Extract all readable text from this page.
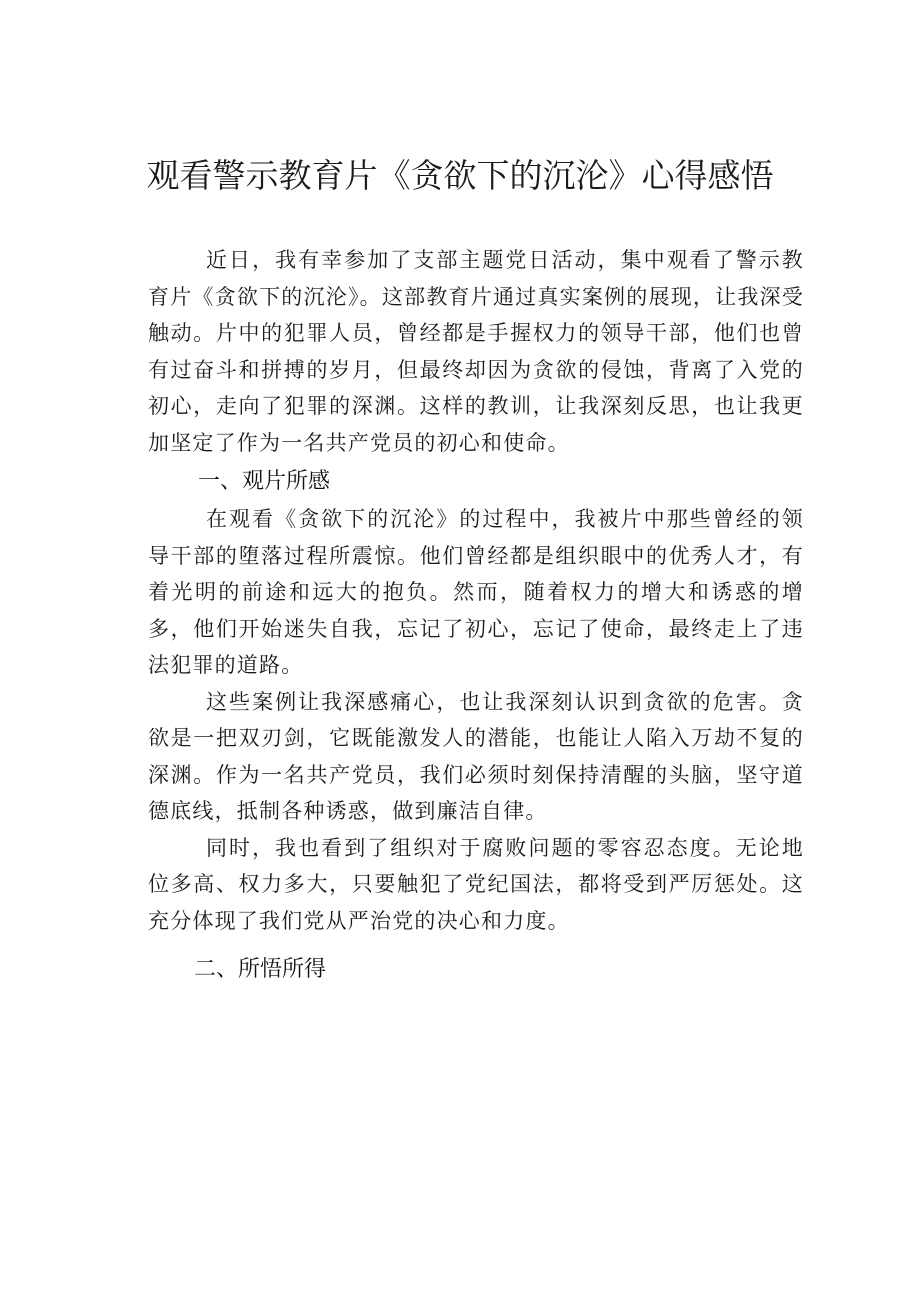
观看警示教育片《贪欲下的沉沦》心得感悟

近日，我有幸参加了支部主题党日活动，集中观看了警示教育片《贪欲下的沉沦》。这部教育片通过真实案例的展现，让我深受触动。片中的犯罪人员，曾经都是手握权力的领导干部，他们也曾有过奋斗和拼搏的岁月，但最终却因为贪欲的侵蚀，背离了入党的初心，走向了犯罪的深渊。这样的教训，让我深刻反思，也让我更加坚定了作为一名共产党员的初心和使命。

一、观片所感

在观看《贪欲下的沉沦》的过程中，我被片中那些曾经的领导干部的堕落过程所震惊。他们曾经都是组织眼中的优秀人才，有着光明的前途和远大的抱负。然而，随着权力的增大和诱惑的增多，他们开始迷失自我，忘记了初心，忘记了使命，最终走上了违法犯罪的道路。

这些案例让我深感痛心，也让我深刻认识到贪欲的危害。贪欲是一把双刃剑，它既能激发人的潜能，也能让人陷入万劫不复的深渊。作为一名共产党员，我们必须时刻保持清醒的头脑，坚守道德底线，抵制各种诱惑，做到廉洁自律。

同时，我也看到了组织对于腐败问题的零容忍态度。无论地位多高、权力多大，只要触犯了党纪国法，都将受到严厉惩处。这充分体现了我们党从严治党的决心和力度。

二、所悟所得
